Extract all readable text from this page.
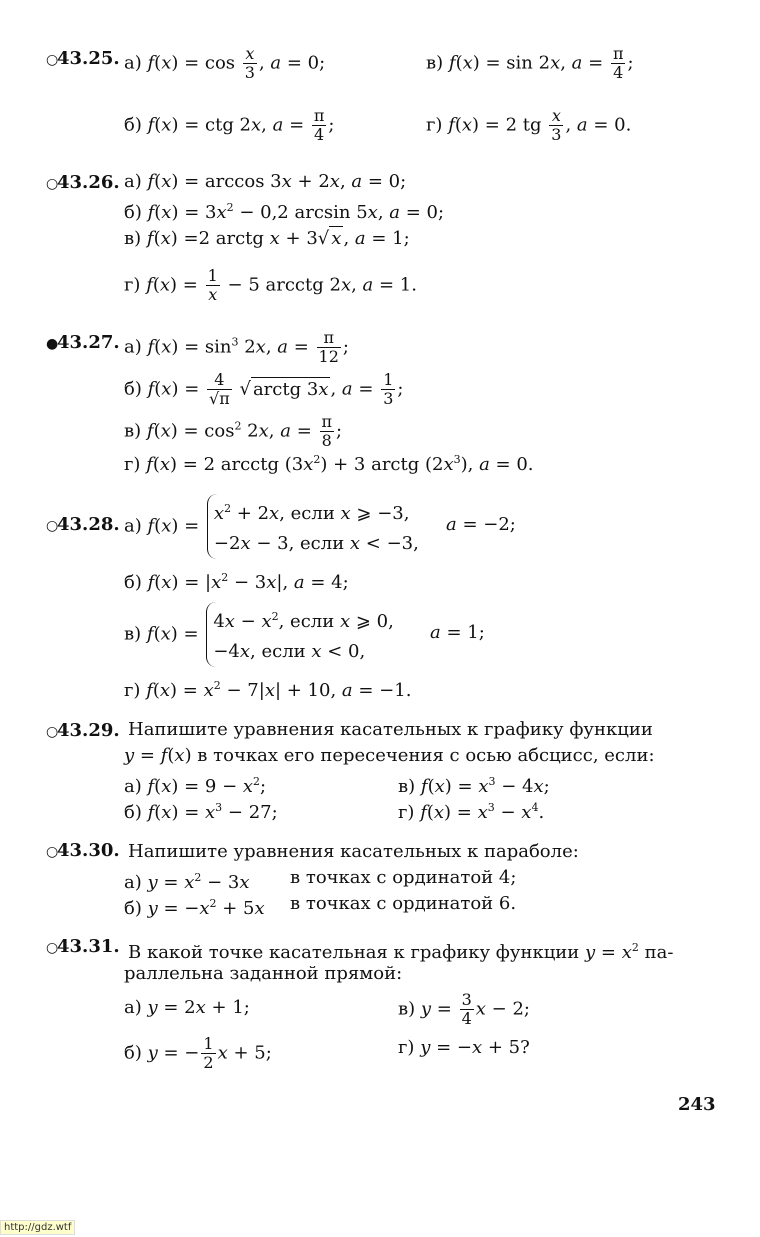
○43.25. а) $f(x) = \cos \frac{x}{3}$ , a = 0;	в) f(x) = sin 2x, $a = \frac{\pi}{4}$ ;
б) f(x) = ctg 2x, $a = \frac{\pi}{4}$ ;	г) f(x) = 2 tg $\frac{x}{3}$ , a = 0.
○43.26. а) f(x) = arccos 3x + 2x, a = 0;
б) $f(x) = 3x^2 - 0,2$ arcsin 5x, a = 0;
в) f(x) =2 arctg x + 3√ x , a = 1;
г) $f(x) = \frac{1}{x} - 5$ arcctg 2x, a = 1.
●43.27. а) $f(x) = \sin^3 2x$, $a = \frac{\pi}{12}$ ;
б) $f(x) = \frac{4}{√\pi}$ √ arctg 3x , $a = \frac{1}{3}$ ;
в) $f(x) = \cos^2 2x$, $a = \frac{\pi}{8}$ ;
г) f(x) = 2 arcctg $(3x^2) + 3$ arctg $(2x^3)$, a = 0.
○43.28. а) f(x) =
$x^2 + 2x$, если x ⩾ −3,
−2x − 3, если x < −3,
a = −2;
б) $f(x) = |x^2 - 3x|$, a = 4;
в) f(x) =
$4x - x^2$, если x ⩾ 0,
−4x, если x < 0,
a = 1;
г) $f(x) = x^2 - 7|x| + 10$, a = −1.
○43.29. Напишите уравнения касательных к графику функции
y = f(x) в точках его пересечения с осью абсцисс, если:
а) $f(x) = 9 - x^2$;	в) $f(x) = x^3 - 4x$;
б) $f(x) = x^3 - 27$;	г) $f(x) = x^3 - x^4$.
○43.30. Напишите уравнения касательных к параболе:
а) $y = x^2 - 3x$ в точках с ординатой 4;
б) $y = -x^2 + 5x$ в точках с ординатой 6.
○43.31. В какой точке касательная к графику функции $y = x^2$ па-
раллельна заданной прямой:
а) y = 2x + 1;	в) $y = \frac{3}{4}$ x − 2;
б) y = − $\frac{1}{2}$ x + 5;	г) y = −x + 5?
243
http://gdz.wtf
